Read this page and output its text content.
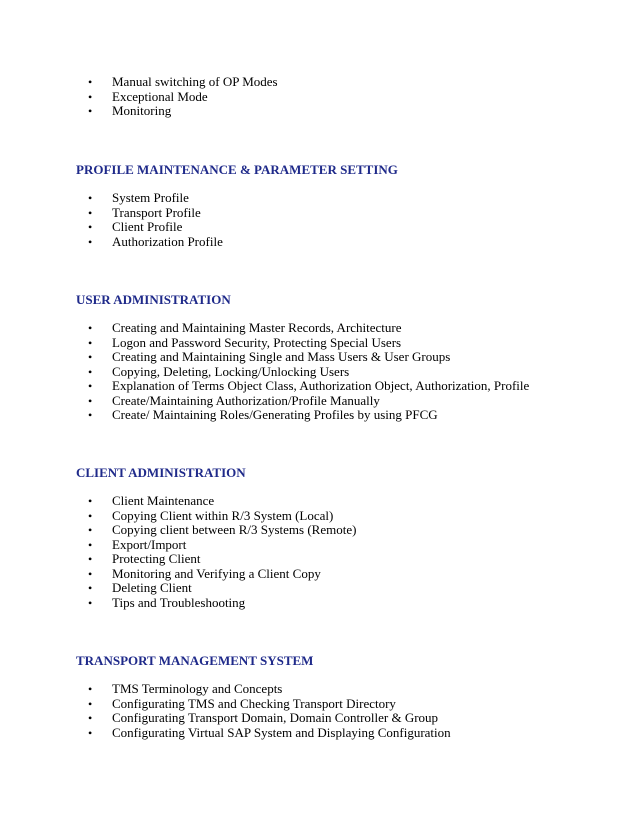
• Manual switching of OP Modes
• Exceptional Mode
• Monitoring
PROFILE MAINTENANCE & PARAMETER SETTING
• System Profile
• Transport Profile
• Client Profile
• Authorization Profile
USER ADMINISTRATION
• Creating and Maintaining Master Records, Architecture
• Logon and Password Security, Protecting Special Users
• Creating and Maintaining Single and Mass Users & User Groups
• Copying, Deleting, Locking/Unlocking Users
• Explanation of Terms Object Class, Authorization Object, Authorization, Profile
• Create/Maintaining Authorization/Profile Manually
• Create/ Maintaining Roles/Generating Profiles by using PFCG
CLIENT ADMINISTRATION
• Client Maintenance
• Copying Client within R/3 System (Local)
• Copying client between R/3 Systems (Remote)
• Export/Import
• Protecting Client
• Monitoring and Verifying a Client Copy
• Deleting Client
• Tips and Troubleshooting
TRANSPORT MANAGEMENT SYSTEM
• TMS Terminology and Concepts
• Configurating TMS and Checking Transport Directory
• Configurating Transport Domain, Domain Controller & Group
• Configurating Virtual SAP System and Displaying Configuration
